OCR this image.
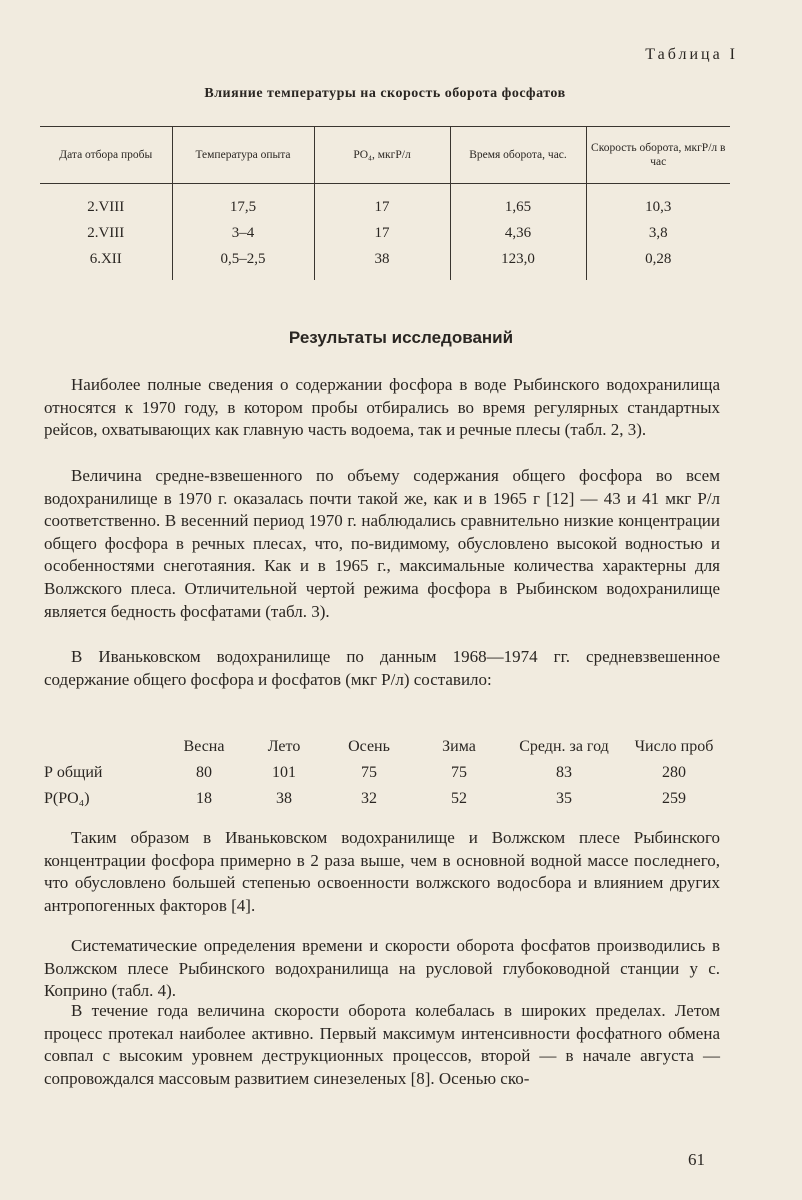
Таблица I
Влияние температуры на скорость оборота фосфатов
Дата отбора пробы	Температура опыта	PO₄, мкгР/л	Время оборота, час.	Скорость оборота, мкгР/л в час
2.VIII	17,5	17	1,65	10,3
2.VIII	3–4	17	4,36	3,8
6.XII	0,5–2,5	38	123,0	0,28
Результаты исследований

Наиболее полные сведения о содержании фосфора в воде Рыбинского водохранилища относятся к 1970 году, в котором пробы отбирались во время регулярных стандартных рейсов, охватывающих как главную часть водоема, так и речные плесы (табл. 2, 3).

Величина средне-взвешенного по объему содержания общего фосфора во всем водохранилище в 1970 г. оказалась почти такой же, как и в 1965 г [12] — 43 и 41 мкг Р/л соответственно. В весенний период 1970 г. наблюдались сравнительно низкие концентрации общего фосфора в речных плесах, что, по-видимому, обусловлено высокой водностью и особенностями снеготаяния. Как и в 1965 г., максимальные количества характерны для Волжского плеса. Отличительной чертой режима фосфора в Рыбинском водохранилище является бедность фосфатами (табл. 3).

В Иваньковском водохранилище по данным 1968—1974 гг. средневзвешенное содержание общего фосфора и фосфатов (мкг Р/л) составило:

	Весна	Лето	Осень	Зима	Средн. за год	Число проб
Р общий	80	101	75	75	83	280
P(PO₄)	18	38	32	52	35	259

Таким образом в Иваньковском водохранилище и Волжском плесе Рыбинского концентрации фосфора примерно в 2 раза выше, чем в основной водной массе последнего, что обусловлено большей степенью освоенности волжского водосбора и влиянием других антропогенных факторов [4].

Систематические определения времени и скорости оборота фосфатов производились в Волжском плесе Рыбинского водохранилища на русловой глубоководной станции у с. Коприно (табл. 4).

В течение года величина скорости оборота колебалась в широких пределах. Летом процесс протекал наиболее активно. Первый максимум интенсивности фосфатного обмена совпал с высоким уровнем деструкционных процессов, второй — в начале августа — сопровождался массовым развитием синезеленых [8]. Осенью ско-

61
